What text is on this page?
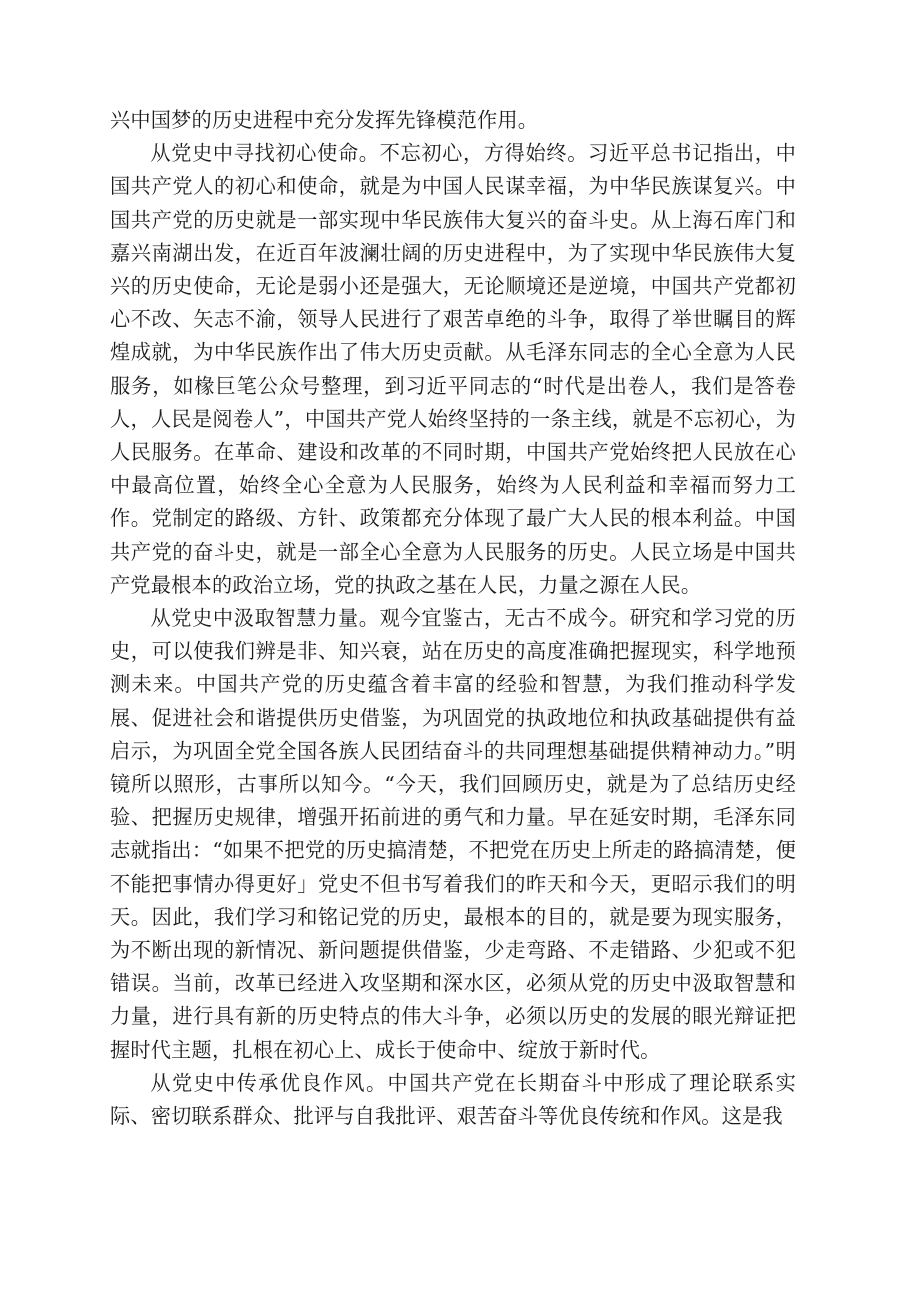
兴中国梦的历史进程中充分发挥先锋模范作用。

从党史中寻找初心使命。不忘初心，方得始终。习近平总书记指出，中国共产党人的初心和使命，就是为中国人民谋幸福，为中华民族谋复兴。中国共产党的历史就是一部实现中华民族伟大复兴的奋斗史。从上海石库门和嘉兴南湖出发，在近百年波澜壮阔的历史进程中，为了实现中华民族伟大复兴的历史使命，无论是弱小还是强大，无论顺境还是逆境，中国共产党都初心不改、矢志不渝，领导人民进行了艰苦卓绝的斗争，取得了举世瞩目的辉煌成就，为中华民族作出了伟大历史贡献。从毛泽东同志的全心全意为人民服务，如椽巨笔公众号整理，到习近平同志的“时代是出卷人，我们是答卷人，人民是阅卷人”，中国共产党人始终坚持的一条主线，就是不忘初心，为人民服务。在革命、建设和改革的不同时期，中国共产党始终把人民放在心中最高位置，始终全心全意为人民服务，始终为人民利益和幸福而努力工作。党制定的路级、方针、政策都充分体现了最广大人民的根本利益。中国共产党的奋斗史，就是一部全心全意为人民服务的历史。人民立场是中国共产党最根本的政治立场，党的执政之基在人民，力量之源在人民。

从党史中汲取智慧力量。观今宜鉴古，无古不成今。研究和学习党的历史，可以使我们辨是非、知兴衰，站在历史的高度准确把握现实，科学地预测未来。中国共产党的历史蕴含着丰富的经验和智慧，为我们推动科学发展、促进社会和谐提供历史借鉴，为巩固党的执政地位和执政基础提供有益启示，为巩固全党全国各族人民团结奋斗的共同理想基础提供精神动力。”明镜所以照形，古事所以知今。“今天，我们回顾历史，就是为了总结历史经验、把握历史规律，增强开拓前进的勇气和力量。早在延安时期，毛泽东同志就指出：“如果不把党的历史搞清楚，不把党在历史上所走的路搞清楚，便不能把事情办得更好」党史不但书写着我们的昨天和今天，更昭示我们的明天。因此，我们学习和铭记党的历史，最根本的目的，就是要为现实服务，为不断出现的新情况、新问题提供借鉴，少走弯路、不走错路、少犯或不犯错误。当前，改革已经进入攻坚期和深水区，必须从党的历史中汲取智慧和力量，进行具有新的历史特点的伟大斗争，必须以历史的发展的眼光辩证把握时代主题，扎根在初心上、成长于使命中、绽放于新时代。

从党史中传承优良作风。中国共产党在长期奋斗中形成了理论联系实际、密切联系群众、批评与自我批评、艰苦奋斗等优良传统和作风。这是我
